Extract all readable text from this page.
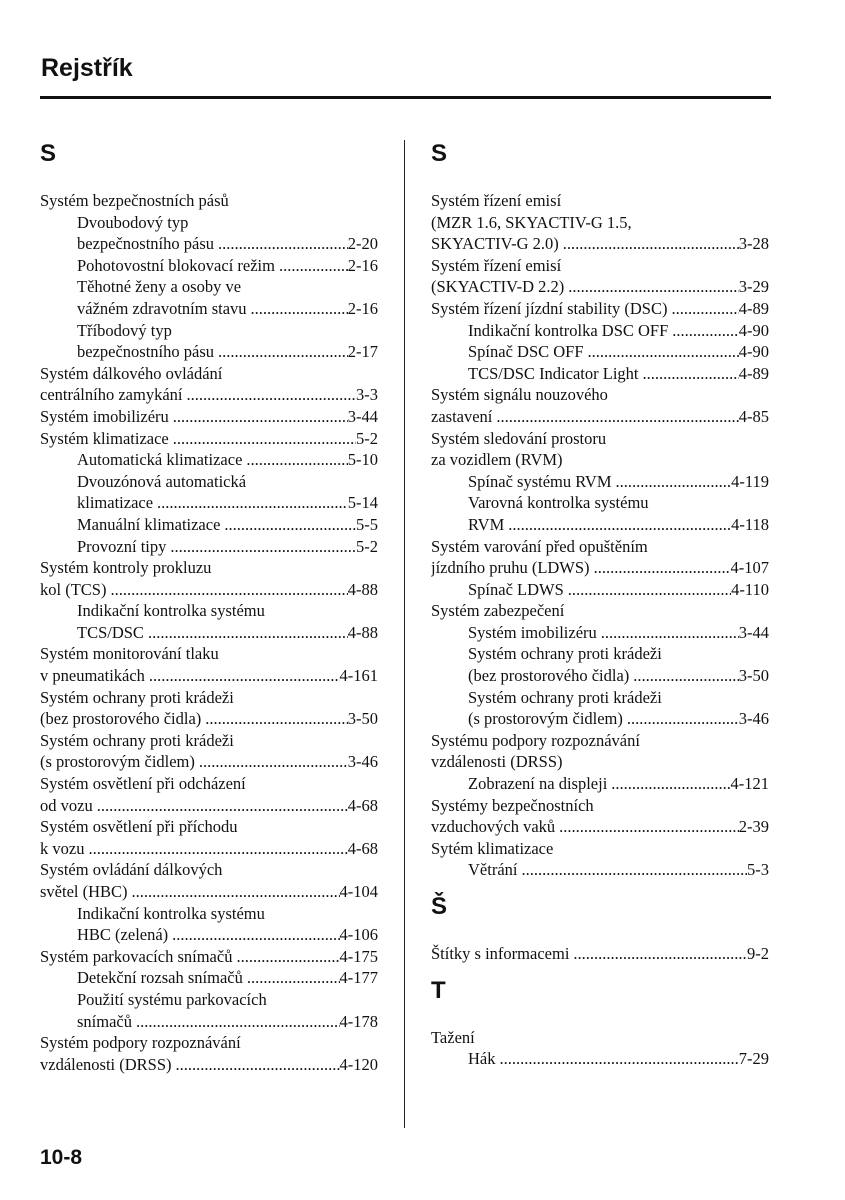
Rejstřík
S
Systém bezpečnostních pásů
Dvoubodový typ
bezpečnostního pásu .....	2-20
Pohotovostní blokovací režim .....	2-16
Těhotné ženy a osoby ve
vážném zdravotním stavu .....	2-16
Tříbodový typ
bezpečnostního pásu .....	2-17
Systém dálkového ovládání
centrálního zamykání .....	3-3
Systém imobilizéru .....	3-44
Systém klimatizace .....	5-2
Automatická klimatizace .....	5-10
Dvouzónová automatická
klimatizace .....	5-14
Manuální klimatizace .....	5-5
Provozní tipy .....	5-2
Systém kontroly prokluzu
kol (TCS) .....	4-88
Indikační kontrolka systému
TCS/DSC .....	4-88
Systém monitorování tlaku
v pneumatikách .....	4-161
Systém ochrany proti krádeži
(bez prostorového čidla) .....	3-50
Systém ochrany proti krádeži
(s prostorovým čidlem) .....	3-46
Systém osvětlení při odcházení
od vozu .....	4-68
Systém osvětlení při příchodu
k vozu .....	4-68
Systém ovládání dálkových
světel (HBC) .....	4-104
Indikační kontrolka systému
HBC (zelená) .....	4-106
Systém parkovacích snímačů .....	4-175
Detekční rozsah snímačů .....	4-177
Použití systému parkovacích
snímačů .....	4-178
Systém podpory rozpoznávání
vzdálenosti (DRSS) .....	4-120
S
Systém řízení emisí
(MZR 1.6, SKYACTIV-G 1.5,
SKYACTIV-G 2.0) .....	3-28
Systém řízení emisí
(SKYACTIV-D 2.2) .....	3-29
Systém řízení jízdní stability (DSC) .....	4-89
Indikační kontrolka DSC OFF .....	4-90
Spínač DSC OFF .....	4-90
TCS/DSC Indicator Light .....	4-89
Systém signálu nouzového
zastavení .....	4-85
Systém sledování prostoru
za vozidlem (RVM)
Spínač systému RVM .....	4-119
Varovná kontrolka systému
RVM .....	4-118
Systém varování před opuštěním
jízdního pruhu (LDWS) .....	4-107
Spínač LDWS .....	4-110
Systém zabezpečení
Systém imobilizéru .....	3-44
Systém ochrany proti krádeži
(bez prostorového čidla) .....	3-50
Systém ochrany proti krádeži
(s prostorovým čidlem) .....	3-46
Systému podpory rozpoznávání
vzdálenosti (DRSS)
Zobrazení na displeji .....	4-121
Systémy bezpečnostních
vzduchových vaků .....	2-39
Sytém klimatizace
Větrání .....	5-3
Š
Štítky s informacemi .....	9-2
T
Tažení
Hák .....	7-29
10-8
